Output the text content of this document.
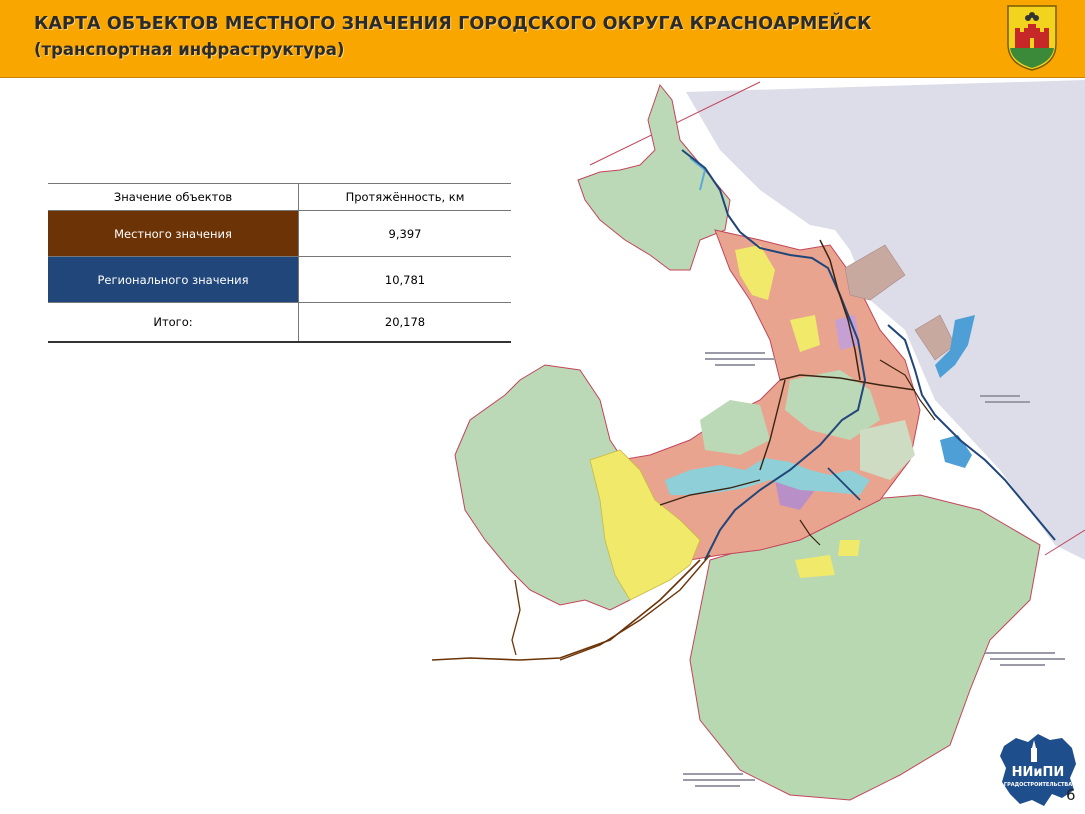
КАРТА ОБЪЕКТОВ МЕСТНОГО ЗНАЧЕНИЯ ГОРОДСКОГО ОКРУГА КРАСНОАРМЕЙСК
(транспортная инфраструктура)
Значение объектов	Протяжённость, км
Местного значения	9,397
Регионального значения	10,781
Итого:	20,178
НИиПИ
ГРАДОСТРОИТЕЛЬСТВА
6
